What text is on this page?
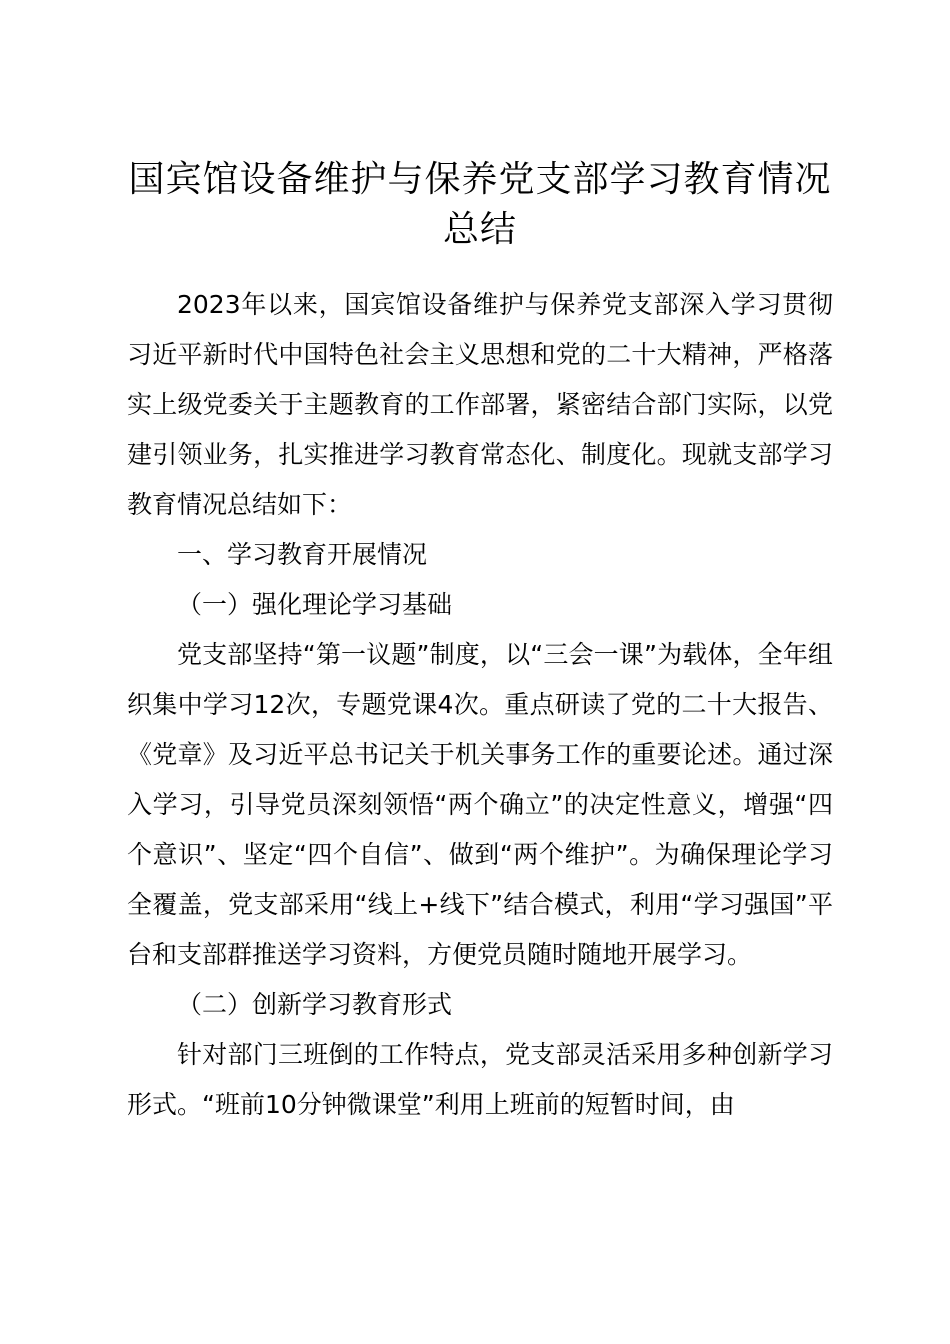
国宾馆设备维护与保养党支部学习教育情况总结

2023年以来，国宾馆设备维护与保养党支部深入学习贯彻习近平新时代中国特色社会主义思想和党的二十大精神，严格落实上级党委关于主题教育的工作部署，紧密结合部门实际，以党建引领业务，扎实推进学习教育常态化、制度化。现就支部学习教育情况总结如下：

一、学习教育开展情况

（一）强化理论学习基础

党支部坚持“第一议题”制度，以“三会一课”为载体，全年组织集中学习12次，专题党课4次。重点研读了党的二十大报告、《党章》及习近平总书记关于机关事务工作的重要论述。通过深入学习，引导党员深刻领悟“两个确立”的决定性意义，增强“四个意识”、坚定“四个自信”、做到“两个维护”。为确保理论学习全覆盖，党支部采用“线上+线下”结合模式，利用“学习强国”平台和支部群推送学习资料，方便党员随时随地开展学习。

（二）创新学习教育形式

针对部门三班倒的工作特点，党支部灵活采用多种创新学习形式。“班前10分钟微课堂”利用上班前的短暂时间，由
